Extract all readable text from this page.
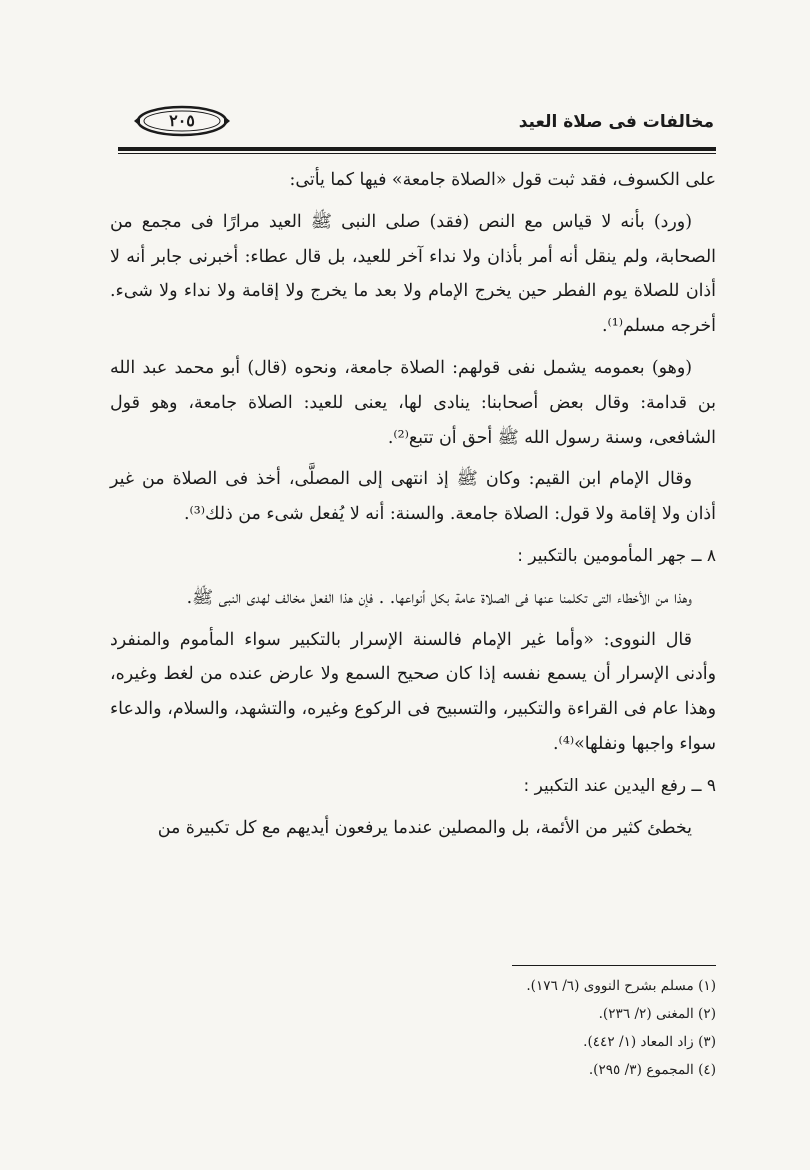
مخالفات فى صلاة العيد
٢٠٥

على الكسوف، فقد ثبت قول «الصلاة جامعة» فيها كما يأتى:

(ورد) بأنه لا قياس مع النص (فقد) صلى النبى ﷺ العيد مرارًا فى مجمع من الصحابة، ولم ينقل أنه أمر بأذان ولا نداء آخر للعيد، بل قال عطاء: أخبرنى جابر أنه لا أذان للصلاة يوم الفطر حين يخرج الإمام ولا بعد ما يخرج ولا إقامة ولا نداء ولا شىء. أخرجه مسلم⁽¹⁾.

(وهو) بعمومه يشمل نفى قولهم: الصلاة جامعة، ونحوه (قال) أبو محمد عبد الله بن قدامة: وقال بعض أصحابنا: ينادى لها، يعنى للعيد: الصلاة جامعة، وهو قول الشافعى، وسنة رسول الله ﷺ أحق أن تتبع⁽²⁾.

وقال الإمام ابن القيم: وكان ﷺ إذ انتهى إلى المصلَّى، أخذ فى الصلاة من غير أذان ولا إقامة ولا قول: الصلاة جامعة. والسنة: أنه لا يُفعل شىء من ذلك⁽³⁾.

٨ ــ جهر المأمومين بالتكبير :

وهذا من الأخطاء التى تكلمنا عنها فى الصلاة عامة بكل أنواعها. . فإن هذا الفعل مخالف لهدى النبى ﷺ.

قال النووى: «وأما غير الإمام فالسنة الإسرار بالتكبير سواء المأموم والمنفرد وأدنى الإسرار أن يسمع نفسه إذا كان صحيح السمع ولا عارض عنده من لغط وغيره، وهذا عام فى القراءة والتكبير، والتسبيح فى الركوع وغيره، والتشهد، والسلام، والدعاء سواء واجبها ونفلها»⁽⁴⁾.

٩ ــ رفع اليدين عند التكبير :

يخطئ كثير من الأئمة، بل والمصلين عندما يرفعون أيديهم مع كل تكبيرة من

(١) مسلم بشرح النووى (٦/ ١٧٦).
(٢) المغنى (٢/ ٢٣٦).
(٣) زاد المعاد (١/ ٤٤٢).
(٤) المجموع (٣/ ٢٩٥).
